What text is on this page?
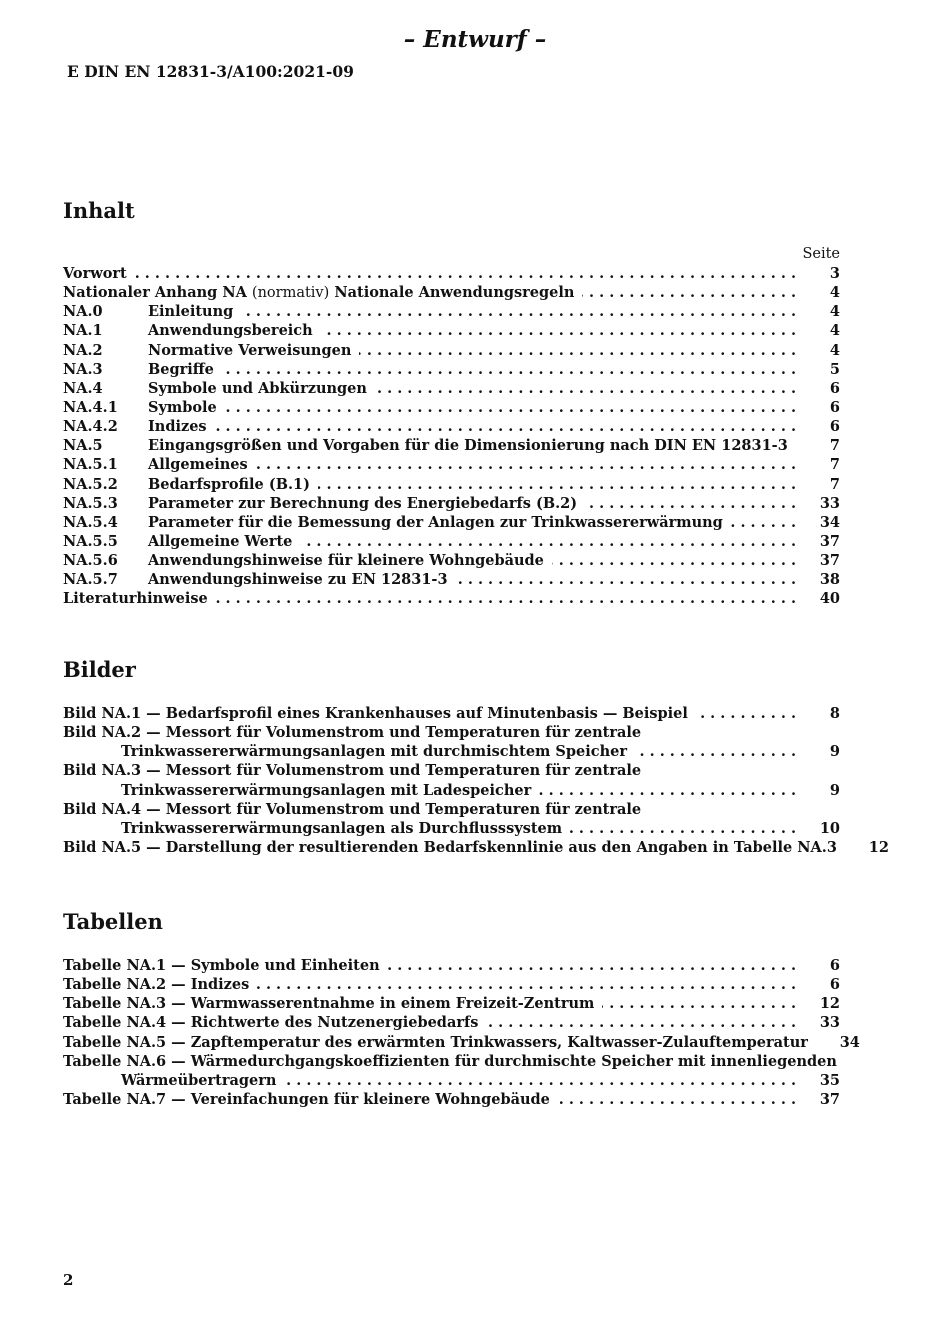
– Entwurf –
E DIN EN 12831-3/A100:2021-09
Inhalt
Seite
Vorwort . . .	3
Nationaler Anhang NA (normativ) Nationale Anwendungsregeln . . .	4
NA.0	Einleitung . . .	4
NA.1	Anwendungsbereich . . .	4
NA.2	Normative Verweisungen . . .	4
NA.3	Begriffe . . .	5
NA.4	Symbole und Abkürzungen . . .	6
NA.4.1	Symbole . . .	6
NA.4.2	Indizes . . .	6
NA.5	Eingangsgrößen und Vorgaben für die Dimensionierung nach DIN EN 12831-3 . . .	7
NA.5.1	Allgemeines . . .	7
NA.5.2	Bedarfsprofile (B.1) . . .	7
NA.5.3	Parameter zur Berechnung des Energiebedarfs (B.2) . . .	33
NA.5.4	Parameter für die Bemessung der Anlagen zur Trinkwassererwärmung . . .	34
NA.5.5	Allgemeine Werte . . .	37
NA.5.6	Anwendungshinweise für kleinere Wohngebäude . . .	37
NA.5.7	Anwendungshinweise zu EN 12831-3 . . .	38
Literaturhinweise . . .	40
Bilder
Bild NA.1 — Bedarfsprofil eines Krankenhauses auf Minutenbasis — Beispiel . . .	8
Bild NA.2 — Messort für Volumenstrom und Temperaturen für zentrale
Trinkwassererwärmungsanlagen mit durchmischtem Speicher . . .	9
Bild NA.3 — Messort für Volumenstrom und Temperaturen für zentrale
Trinkwassererwärmungsanlagen mit Ladespeicher . . .	9
Bild NA.4 — Messort für Volumenstrom und Temperaturen für zentrale
Trinkwassererwärmungsanlagen als Durchflusssystem . . .	10
Bild NA.5 — Darstellung der resultierenden Bedarfskennlinie aus den Angaben in Tabelle NA.3	12
Tabellen
Tabelle NA.1 — Symbole und Einheiten . . .	6
Tabelle NA.2 — Indizes . . .	6
Tabelle NA.3 — Warmwasserentnahme in einem Freizeit-Zentrum . . .	12
Tabelle NA.4 — Richtwerte des Nutzenergiebedarfs . . .	33
Tabelle NA.5 — Zapftemperatur des erwärmten Trinkwassers, Kaltwasser-Zulauftemperatur	34
Tabelle NA.6 — Wärmedurchgangskoeffizienten für durchmischte Speicher mit innenliegenden
Wärmeübertragern . . .	35
Tabelle NA.7 — Vereinfachungen für kleinere Wohngebäude . . .	37
2
